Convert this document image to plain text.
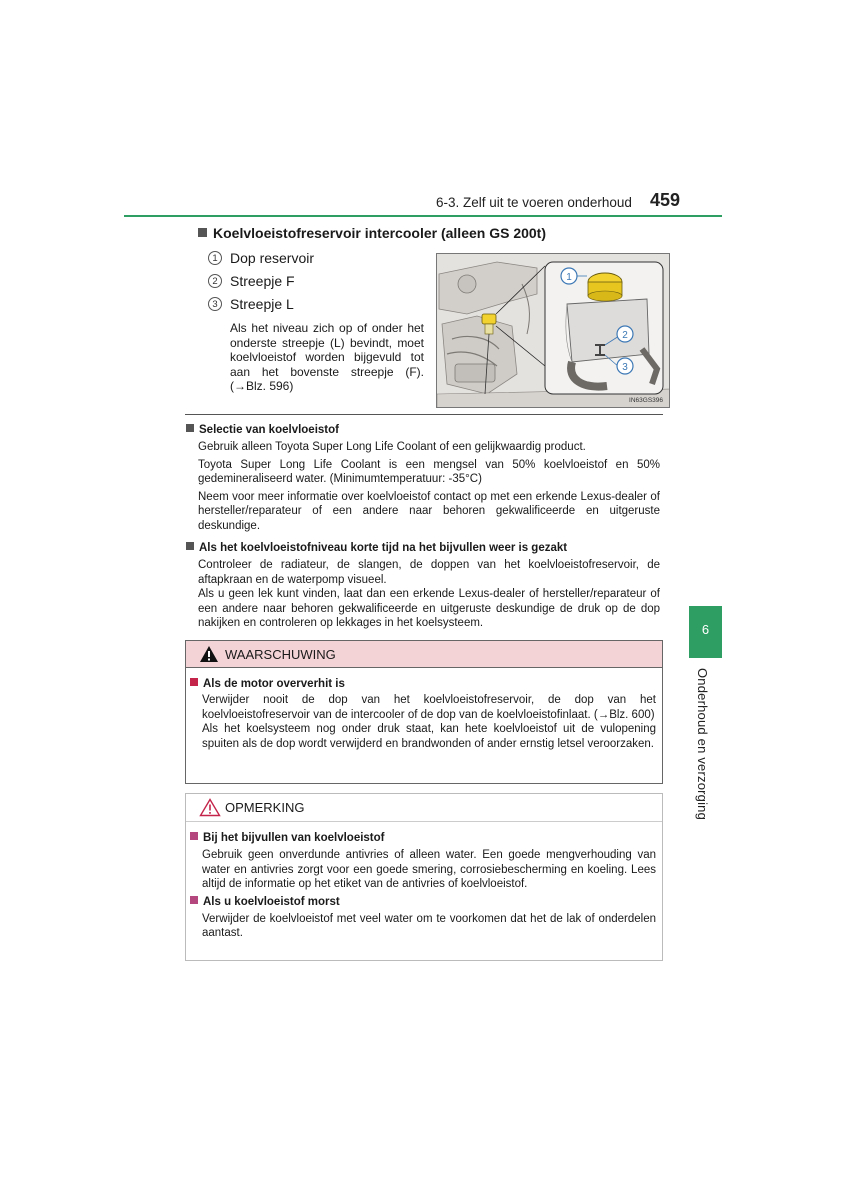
6-3. Zelf uit te voeren onderhoud 459
6
Onderhoud en verzorging
Koelvloeistofreservoir intercooler (alleen GS 200t)
1 Dop reservoir
2 Streepje F
3 Streepje L
Als het niveau zich op of onder het onderste streepje (L) bevindt, moet koelvloeistof worden bijgevuld tot aan het bovenste streepje (F). (→Blz. 596)
1
2
3
IN63GS396
Selectie van koelvloeistof
Gebruik alleen Toyota Super Long Life Coolant of een gelijkwaardig product.
Toyota Super Long Life Coolant is een mengsel van 50% koelvloeistof en 50% gedemineraliseerd water. (Minimumtemperatuur: -35°C)
Neem voor meer informatie over koelvloeistof contact op met een erkende Lexus-dealer of hersteller/reparateur of een andere naar behoren gekwalificeerde en uitgeruste deskundige.
Als het koelvloeistofniveau korte tijd na het bijvullen weer is gezakt
Controleer de radiateur, de slangen, de doppen van het koelvloeistofreservoir, de aftapkraan en de waterpomp visueel.
Als u geen lek kunt vinden, laat dan een erkende Lexus-dealer of hersteller/reparateur of een andere naar behoren gekwalificeerde en uitgeruste deskundige de druk op de dop nakijken en controleren op lekkages in het koelsysteem.
WAARSCHUWING
Als de motor oververhit is
Verwijder nooit de dop van het koelvloeistofreservoir, de dop van het koelvloeistofreservoir van de intercooler of de dop van de koelvloeistofinlaat. (→Blz. 600)
Als het koelsysteem nog onder druk staat, kan hete koelvloeistof uit de vulopening spuiten als de dop wordt verwijderd en brandwonden of ander ernstig letsel veroorzaken.
OPMERKING
Bij het bijvullen van koelvloeistof
Gebruik geen onverdunde antivries of alleen water. Een goede mengverhouding van water en antivries zorgt voor een goede smering, corrosiebescherming en koeling. Lees altijd de informatie op het etiket van de antivries of koelvloeistof.
Als u koelvloeistof morst
Verwijder de koelvloeistof met veel water om te voorkomen dat het de lak of onderdelen aantast.
